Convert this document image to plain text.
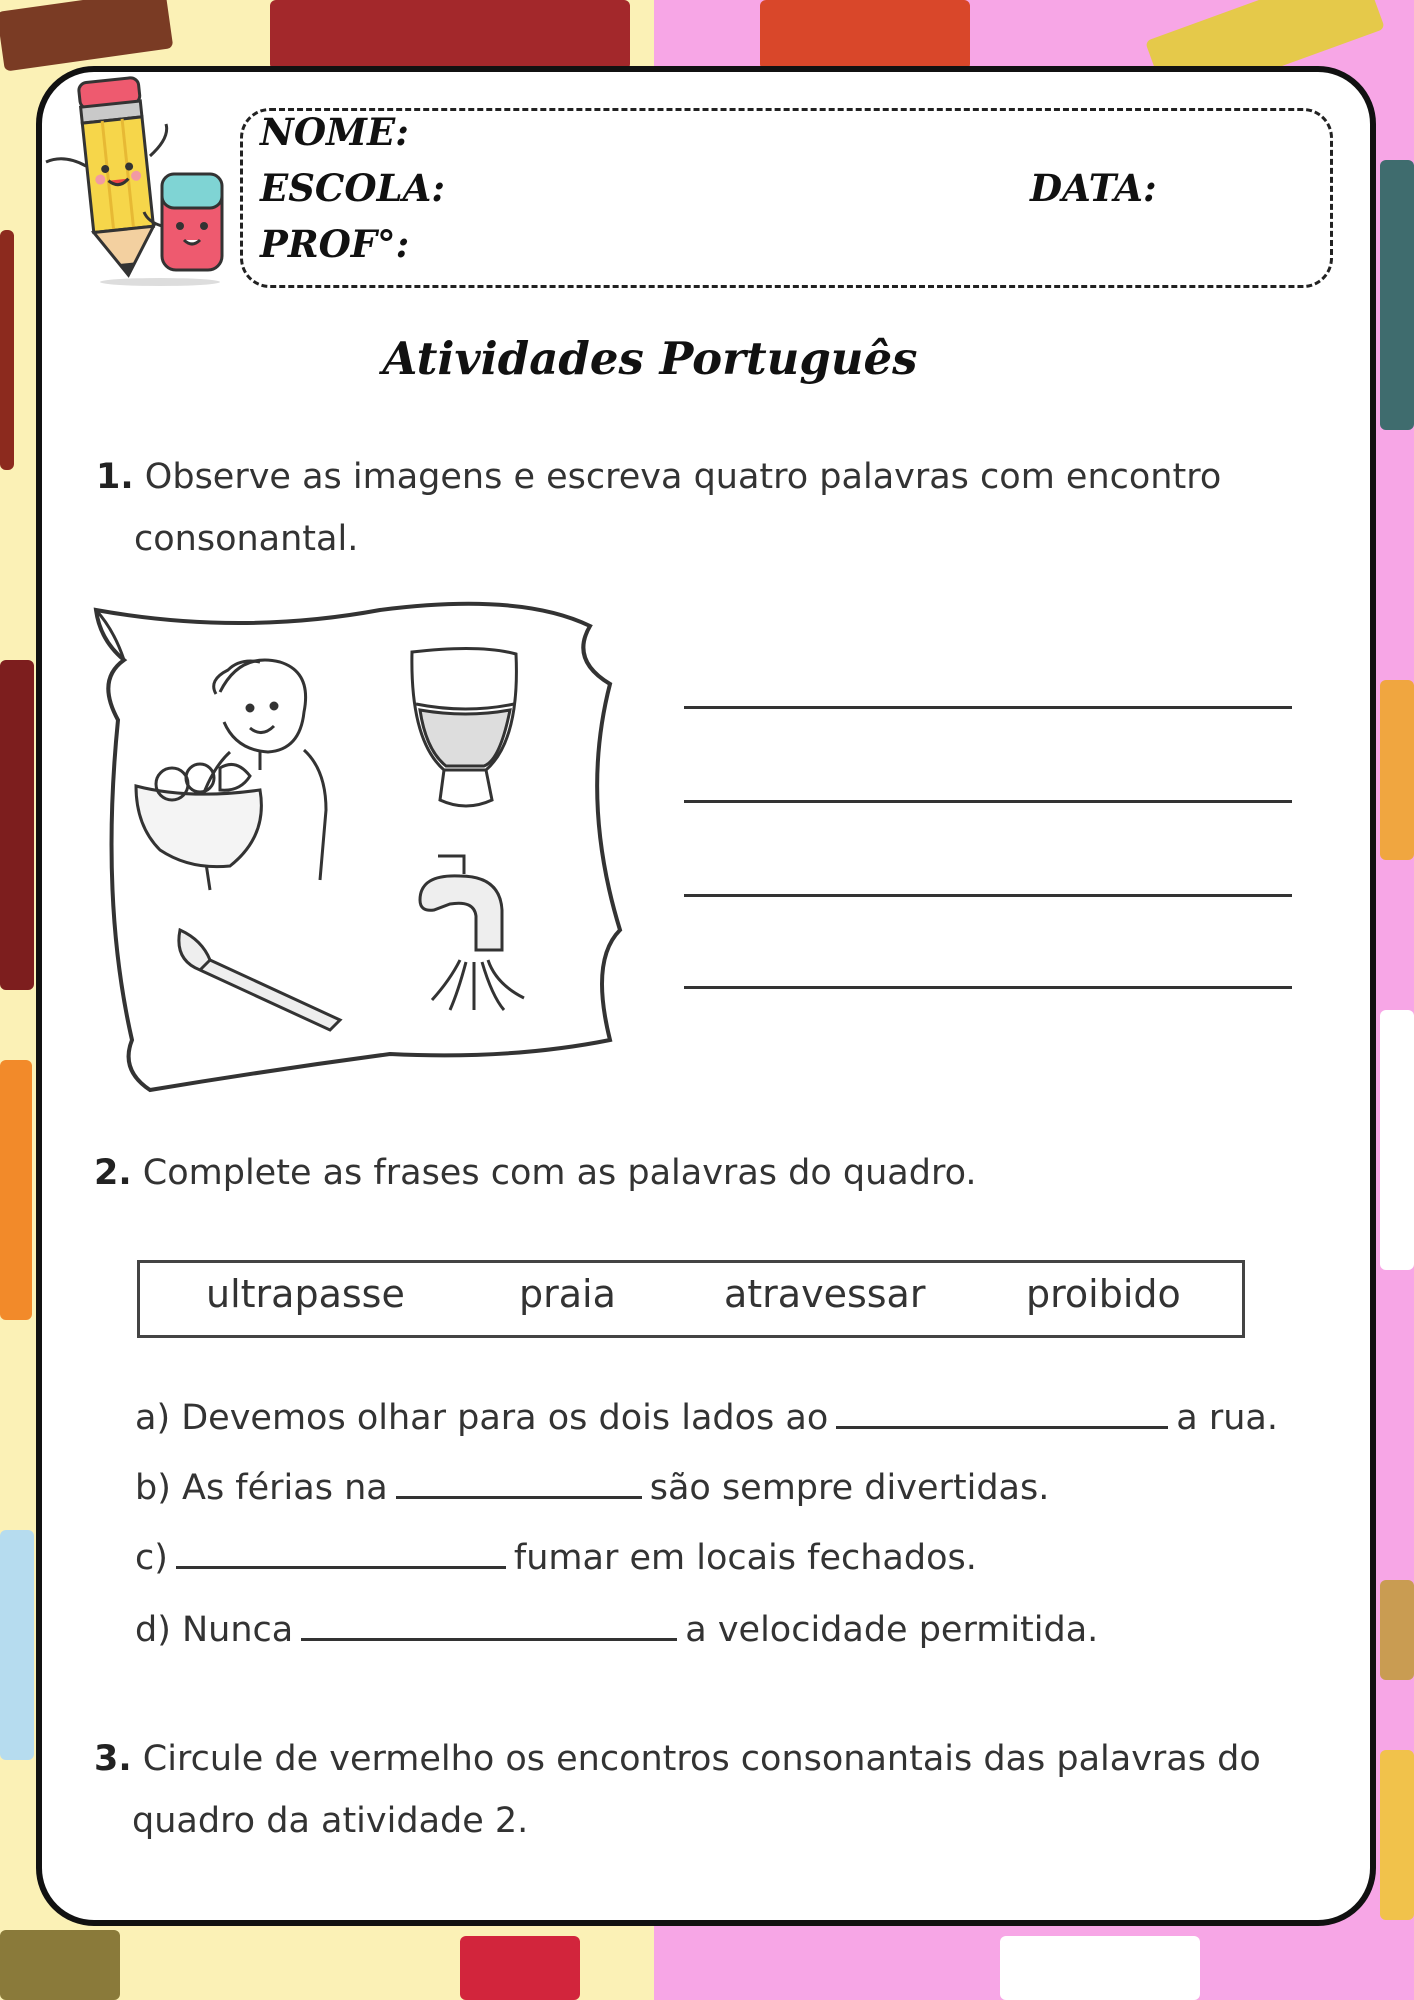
NOME:
ESCOLA:	DATA:
PROF°:
Atividades Português
1. Observe as imagens e escreva quatro palavras com encontro
consonantal.
2. Complete as frases com as palavras do quadro.
ultrapasse	praia	atravessar	proibido
a) Devemos olhar para os dois lados ao	a rua.
b) As férias na	são sempre divertidas.
c)	fumar em locais fechados.
d) Nunca	a velocidade permitida.
3. Circule de vermelho os encontros consonantais das palavras do
quadro da atividade 2.
